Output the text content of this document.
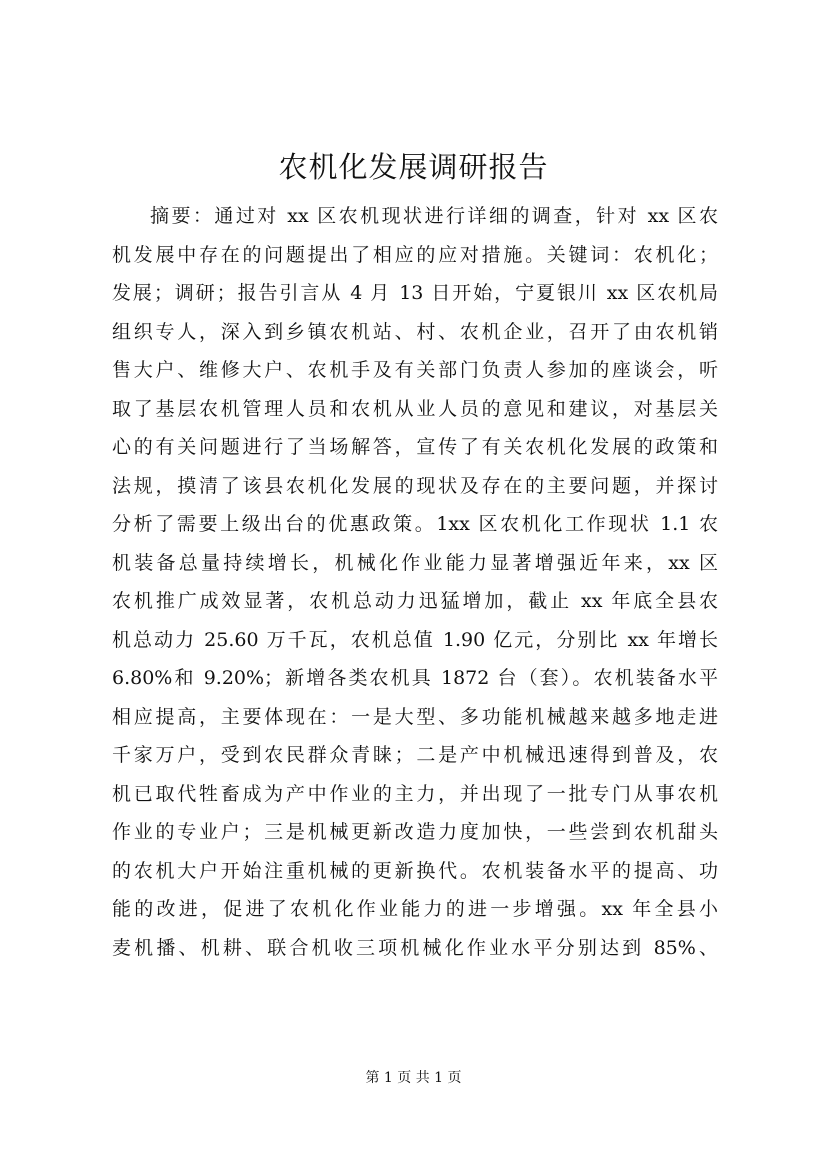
农机化发展调研报告
摘要：通过对 xx 区农机现状进行详细的调查，针对 xx 区农
机发展中存在的问题提出了相应的应对措施。关键词：农机化；
发展；调研；报告引言从 4 月 13 日开始，宁夏银川 xx 区农机局
组织专人，深入到乡镇农机站、村、农机企业，召开了由农机销
售大户、维修大户、农机手及有关部门负责人参加的座谈会，听
取了基层农机管理人员和农机从业人员的意见和建议，对基层关
心的有关问题进行了当场解答，宣传了有关农机化发展的政策和
法规，摸清了该县农机化发展的现状及存在的主要问题，并探讨
分析了需要上级出台的优惠政策。1xx 区农机化工作现状 1.1 农
机装备总量持续增长，机械化作业能力显著增强近年来，xx 区
农机推广成效显著，农机总动力迅猛增加，截止 xx 年底全县农
机总动力 25.60 万千瓦，农机总值 1.90 亿元，分别比 xx 年增长
6.80%和 9.20%；新增各类农机具 1872 台（套）。农机装备水平
相应提高，主要体现在：一是大型、多功能机械越来越多地走进
千家万户，受到农民群众青睐；二是产中机械迅速得到普及，农
机已取代牲畜成为产中作业的主力，并出现了一批专门从事农机
作业的专业户；三是机械更新改造力度加快，一些尝到农机甜头
的农机大户开始注重机械的更新换代。农机装备水平的提高、功
能的改进，促进了农机化作业能力的进一步增强。xx 年全县小
麦机播、机耕、联合机收三项机械化作业水平分别达到 85%、
第 1 页 共 1 页
